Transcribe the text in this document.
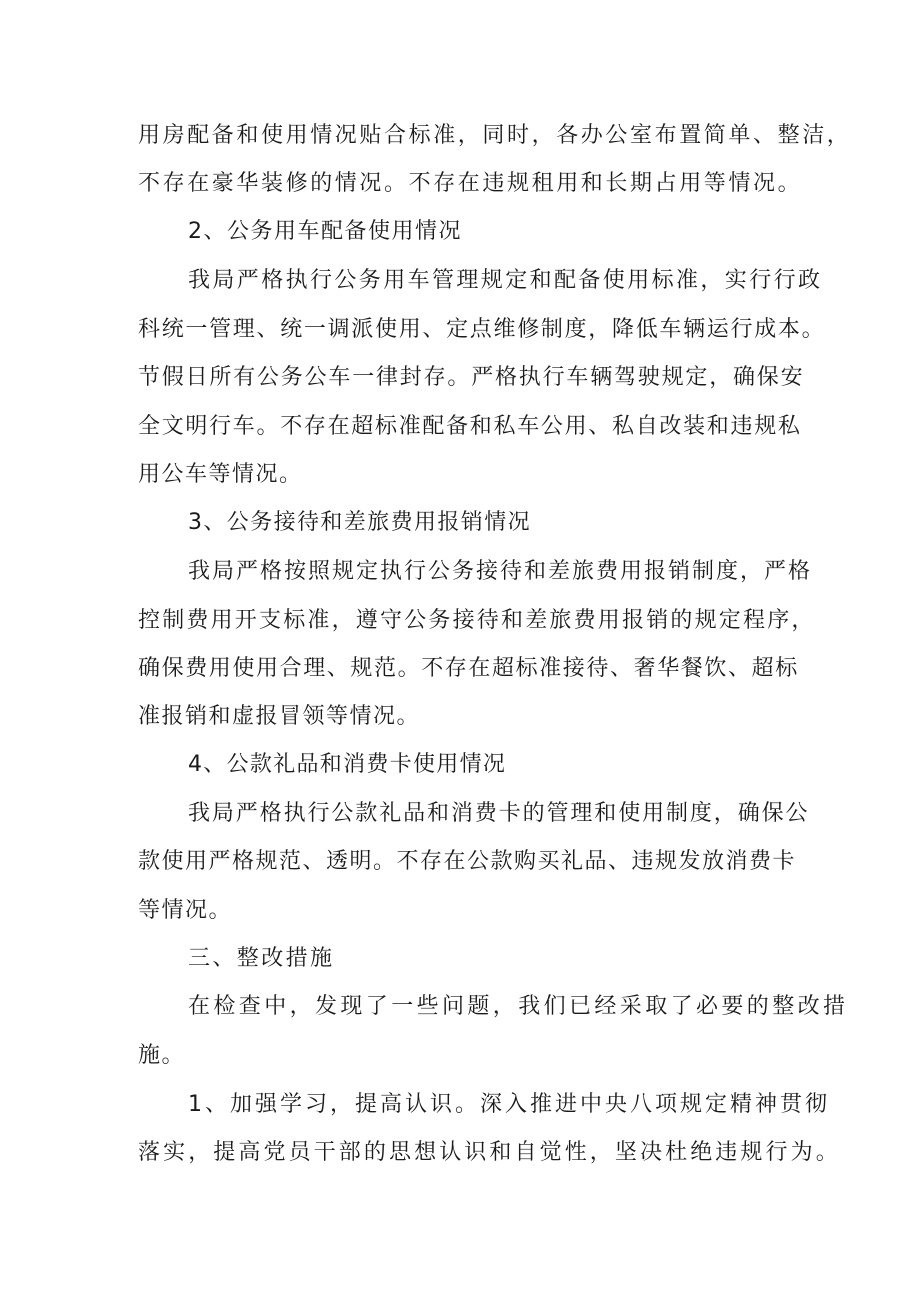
用房配备和使用情况贴合标准，同时，各办公室布置简单、整洁，
不存在豪华装修的情况。不存在违规租用和长期占用等情况。
2、公务用车配备使用情况
我局严格执行公务用车管理规定和配备使用标准，实行行政
科统一管理、统一调派使用、定点维修制度，降低车辆运行成本。
节假日所有公务公车一律封存。严格执行车辆驾驶规定，确保安
全文明行车。不存在超标准配备和私车公用、私自改装和违规私
用公车等情况。
3、公务接待和差旅费用报销情况
我局严格按照规定执行公务接待和差旅费用报销制度，严格
控制费用开支标准，遵守公务接待和差旅费用报销的规定程序，
确保费用使用合理、规范。不存在超标准接待、奢华餐饮、超标
准报销和虚报冒领等情况。
4、公款礼品和消费卡使用情况
我局严格执行公款礼品和消费卡的管理和使用制度，确保公
款使用严格规范、透明。不存在公款购买礼品、违规发放消费卡
等情况。
三、整改措施
在检查中，发现了一些问题，我们已经采取了必要的整改措
施。
1、加强学习，提高认识。深入推进中央八项规定精神贯彻
落实，提高党员干部的思想认识和自觉性，坚决杜绝违规行为。
